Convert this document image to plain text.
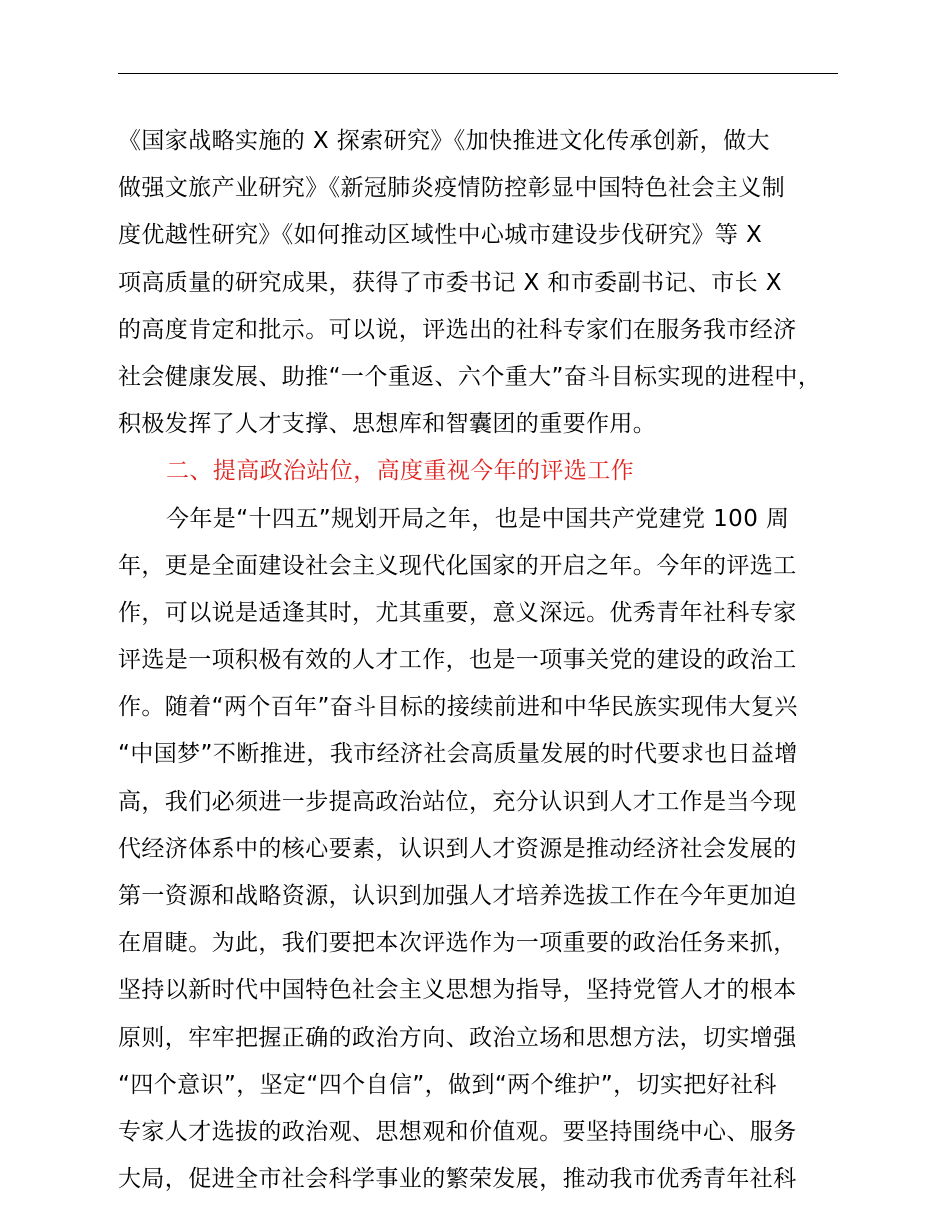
《国家战略实施的 X 探索研究》《加快推进文化传承创新，做大
做强文旅产业研究》《新冠肺炎疫情防控彰显中国特色社会主义制
度优越性研究》《如何推动区域性中心城市建设步伐研究》等 X
项高质量的研究成果，获得了市委书记 X 和市委副书记、市长 X
的高度肯定和批示。可以说，评选出的社科专家们在服务我市经济
社会健康发展、助推“一个重返、六个重大”奋斗目标实现的进程中，
积极发挥了人才支撑、思想库和智囊团的重要作用。
二、提高政治站位，高度重视今年的评选工作
今年是“十四五”规划开局之年，也是中国共产党建党 100 周
年，更是全面建设社会主义现代化国家的开启之年。今年的评选工
作，可以说是适逢其时，尤其重要，意义深远。优秀青年社科专家
评选是一项积极有效的人才工作，也是一项事关党的建设的政治工
作。随着“两个百年”奋斗目标的接续前进和中华民族实现伟大复兴
“中国梦”不断推进，我市经济社会高质量发展的时代要求也日益增
高，我们必须进一步提高政治站位，充分认识到人才工作是当今现
代经济体系中的核心要素，认识到人才资源是推动经济社会发展的
第一资源和战略资源，认识到加强人才培养选拔工作在今年更加迫
在眉睫。为此，我们要把本次评选作为一项重要的政治任务来抓，
坚持以新时代中国特色社会主义思想为指导，坚持党管人才的根本
原则，牢牢把握正确的政治方向、政治立场和思想方法，切实增强
“四个意识”，坚定“四个自信”，做到“两个维护”，切实把好社科
专家人才选拔的政治观、思想观和价值观。要坚持围绕中心、服务
大局，促进全市社会科学事业的繁荣发展，推动我市优秀青年社科
